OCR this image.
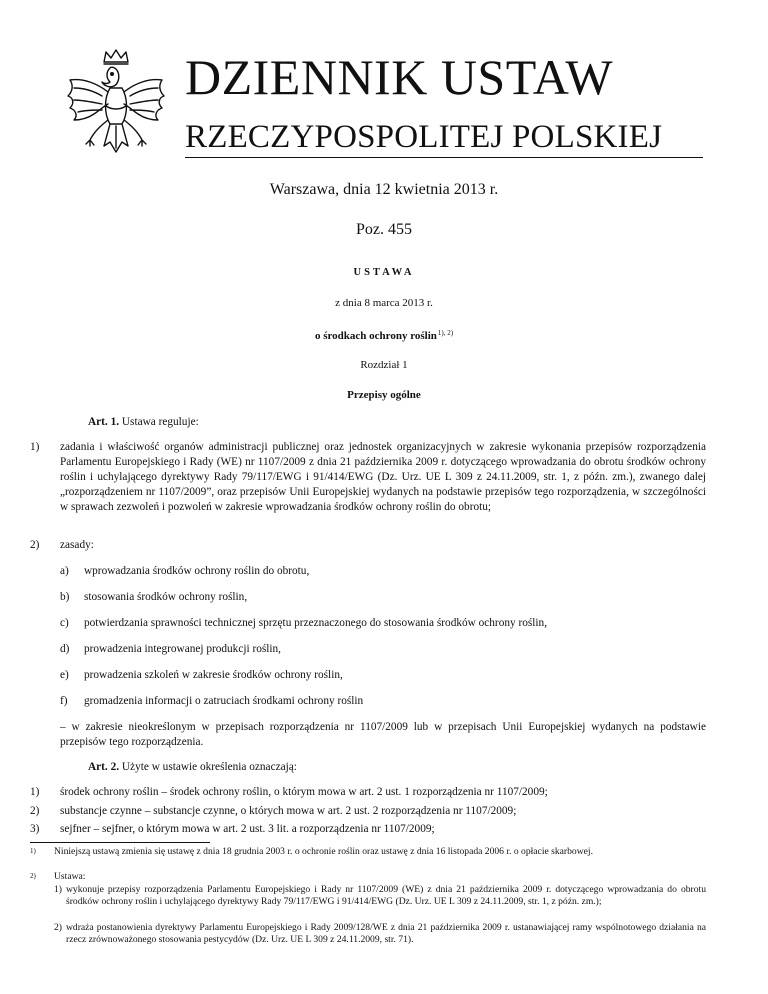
DZIENNIK USTAW
RZECZYPOSPOLITEJ POLSKIEJ
Warszawa, dnia 12 kwietnia 2013 r.
Poz. 455
USTAWA
z dnia 8 marca 2013 r.
o środkach ochrony roślin$^{1), 2)}$
Rozdział 1
Przepisy ogólne
Art. 1. Ustawa reguluje:
1)	zadania i właściwość organów administracji publicznej oraz jednostek organizacyjnych w zakresie wykonania przepisów rozporządzenia Parlamentu Europejskiego i Rady (WE) nr 1107/2009 z dnia 21 października 2009 r. dotyczącego wprowadzania do obrotu środków ochrony roślin i uchylającego dyrektywy Rady 79/117/EWG i 91/414/EWG (Dz. Urz. UE L 309 z 24.11.2009, str. 1, z późn. zm.), zwanego dalej „rozporządzeniem nr 1107/2009”, oraz przepisów Unii Europejskiej wydanych na podstawie przepisów tego rozporządzenia, w szczególności w sprawach zezwoleń i pozwoleń w zakresie wprowadzania środków ochrony roślin do obrotu;
2)	zasady:
a)	wprowadzania środków ochrony roślin do obrotu,
b)	stosowania środków ochrony roślin,
c)	potwierdzania sprawności technicznej sprzętu przeznaczonego do stosowania środków ochrony roślin,
d)	prowadzenia integrowanej produkcji roślin,
e)	prowadzenia szkoleń w zakresie środków ochrony roślin,
f)	gromadzenia informacji o zatruciach środkami ochrony roślin
– w zakresie nieokreślonym w przepisach rozporządzenia nr 1107/2009 lub w przepisach Unii Europejskiej wydanych na podstawie przepisów tego rozporządzenia.
Art. 2. Użyte w ustawie określenia oznaczają:
1)	środek ochrony roślin – środek ochrony roślin, o którym mowa w art. 2 ust. 1 rozporządzenia nr 1107/2009;
2)	substancje czynne – substancje czynne, o których mowa w art. 2 ust. 2 rozporządzenia nr 1107/2009;
3)	sejfner – sejfner, o którym mowa w art. 2 ust. 3 lit. a rozporządzenia nr 1107/2009;
1)	Niniejszą ustawą zmienia się ustawę z dnia 18 grudnia 2003 r. o ochronie roślin oraz ustawę z dnia 16 listopada 2006 r. o opłacie skarbowej.
2)	Ustawa:
1) wykonuje przepisy rozporządzenia Parlamentu Europejskiego i Rady nr 1107/2009 (WE) z dnia 21 października 2009 r. dotyczącego wprowadzania do obrotu środków ochrony roślin i uchylającego dyrektywy Rady 79/117/EWG i 91/414/EWG (Dz. Urz. UE L 309 z 24.11.2009, str. 1, z późn. zm.);
2) wdraża postanowienia dyrektywy Parlamentu Europejskiego i Rady 2009/128/WE z dnia 21 października 2009 r. ustanawiającej ramy wspólnotowego działania na rzecz zrównoważonego stosowania pestycydów (Dz. Urz. UE L 309 z 24.11.2009, str. 71).
